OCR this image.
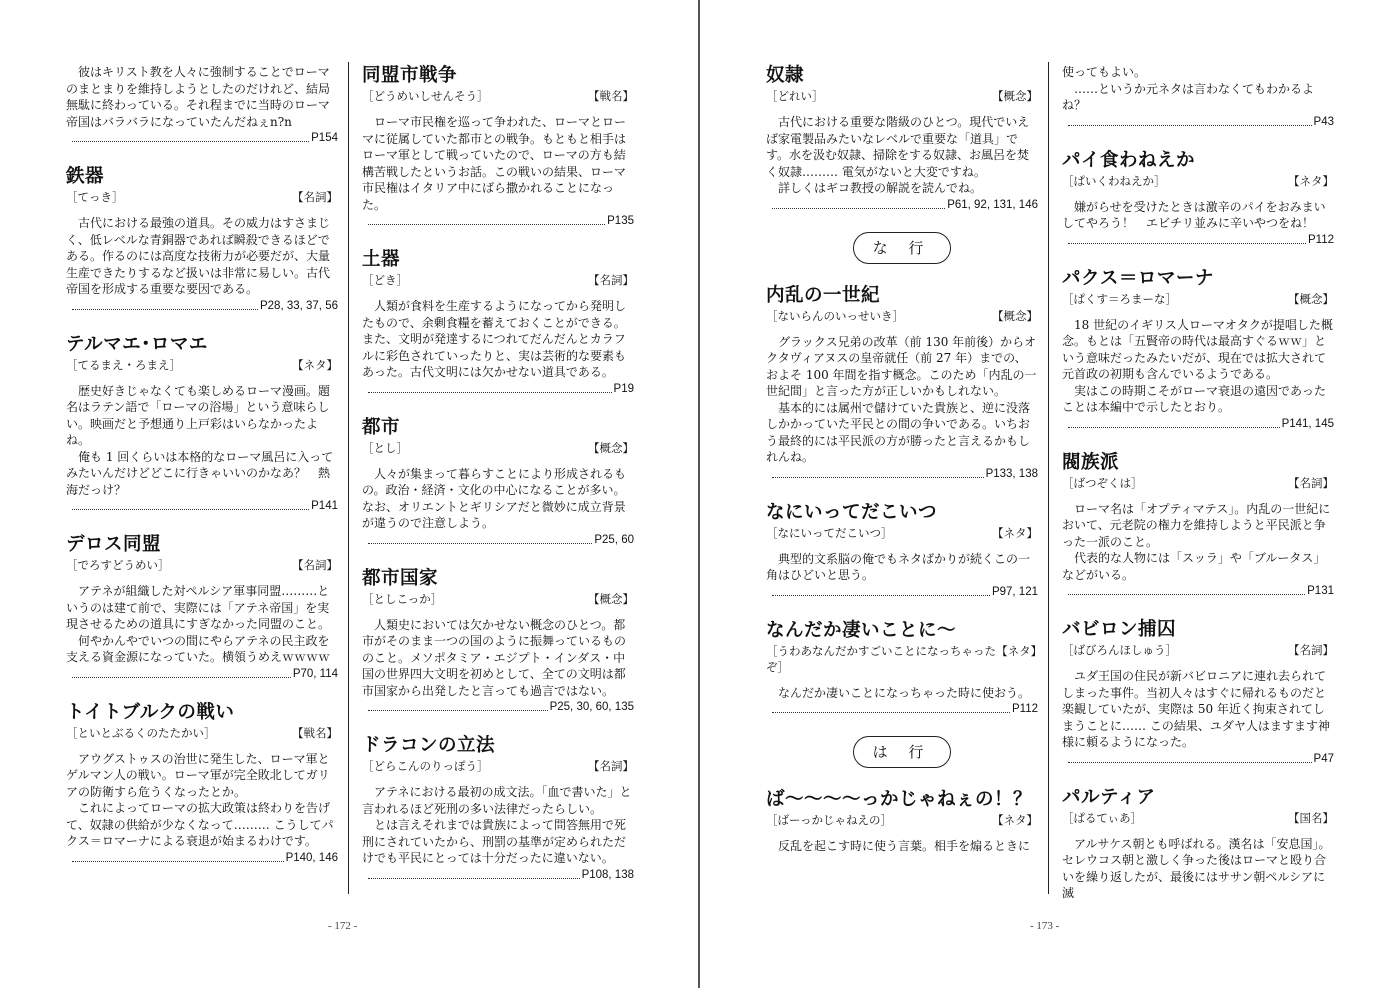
　彼はキリスト教を人々に強制することでローマのまとまりを維持しようとしたのだけれど、結局無駄に終わっている。それ程までに当時のローマ帝国はバラバラになっていたんだねぇn?n
P154
鉄器
［てっき］	【名詞】
　古代における最強の道具。その威力はすさまじく、低レベルな青銅器であれば瞬殺できるほどである。作るのには高度な技術力が必要だが、大量生産できたりするなど扱いは非常に易しい。古代帝国を形成する重要な要因である。
P28, 33, 37, 56
テルマエ･ロマエ
［てるまえ・ろまえ］	【ネタ】
　歴史好きじゃなくても楽しめるローマ漫画。題名はラテン語で「ローマの浴場」という意味らしい。映画だと予想通り上戸彩はいらなかったよね。
　俺も 1 回くらいは本格的なローマ風呂に入ってみたいんだけどどこに行きゃいいのかなあ？　熱海だっけ？
P141
デロス同盟
［でろすどうめい］	【名詞】
　アテネが組織した対ペルシア軍事同盟………というのは建て前で、実際には「アテネ帝国」を実現させるための道具にすぎなかった同盟のこと。
　何やかんやでいつの間にやらアテネの民主政を支える資金源になっていた。横領うめえｗｗｗｗ
P70, 114
トイトブルクの戦い
［といとぶるくのたたかい］	【戦名】
　アウグストゥスの治世に発生した、ローマ軍とゲルマン人の戦い。ローマ軍が完全敗北してガリアの防衛すら危うくなったとか。
　これによってローマの拡大政策は終わりを告げて、奴隷の供給が少なくなって……… こうしてパクス＝ロマーナによる衰退が始まるわけです。
P140, 146
同盟市戦争
［どうめいしせんそう］	【戦名】
　ローマ市民権を巡って争われた、ローマとローマに従属していた都市との戦争。もともと相手はローマ軍として戦っていたので、ローマの方も結構苦戦したというお話。この戦いの結果、ローマ市民権はイタリア中にばら撒かれることになった。
P135
土器
［どき］	【名詞】
　人類が食料を生産するようになってから発明したもので、余剰食糧を蓄えておくことができる。また、文明が発達するにつれてだんだんとカラフルに彩色されていったりと、実は芸術的な要素もあった。古代文明には欠かせない道具である。
P19
都市
［とし］	【概念】
　人々が集まって暮らすことにより形成されるもの。政治・経済・文化の中心になることが多い。なお、オリエントとギリシアだと微妙に成立背景が違うので注意しよう。
P25, 60
都市国家
［としこっか］	【概念】
　人類史においては欠かせない概念のひとつ。都市がそのまま一つの国のように振舞っているもののこと。メソポタミア・エジプト・インダス・中国の世界四大文明を初めとして、全ての文明は都市国家から出発したと言っても過言ではない。
P25, 30, 60, 135
ドラコンの立法
［どらこんのりっぽう］	【名詞】
　アテネにおける最初の成文法。「血で書いた」と言われるほど死刑の多い法律だったらしい。
　とは言えそれまでは貴族によって問答無用で死刑にされていたから、刑罰の基準が定められただけでも平民にとっては十分だったに違いない。
P108, 138
奴隷
［どれい］	【概念】
　古代における重要な階級のひとつ。現代でいえば家電製品みたいなレベルで重要な「道具」です。水を汲む奴隷、掃除をする奴隷、お風呂を焚く奴隷……… 電気がないと大変ですね。
　詳しくはギコ教授の解説を読んでね。
P61, 92, 131, 146
な 行
内乱の一世紀
［ないらんのいっせいき］	【概念】
　グラックス兄弟の改革（前 130 年前後）からオクタヴィアヌスの皇帝就任（前 27 年）までの、およそ 100 年間を指す概念。このため「内乱の一世紀間」と言った方が正しいかもしれない。
　基本的には属州で儲けていた貴族と、逆に没落しかかっていた平民との間の争いである。いちおう最終的には平民派の方が勝ったと言えるかもしれんね。
P133, 138
なにいってだこいつ
［なにいってだこいつ］	【ネタ】
　典型的文系脳の俺でもネタばかりが続くこの一角はひどいと思う。
P97, 121
なんだか凄いことに～
［うわあなんだかすごいことになっちゃったぞ］
【ネタ】
　なんだか凄いことになっちゃった時に使おう。
P112
は 行
ば～～～～っかじゃねぇの！？
［ばーっかじゃねえの］	【ネタ】
　反乱を起こす時に使う言葉。相手を煽るときに
使ってもよい。
　……というか元ネタは言わなくてもわかるよね？
P43
パイ食わねえか
［ぱいくわねえか］	【ネタ】
　嫌がらせを受けたときは激辛のパイをおみまいしてやろう！　エビチリ並みに辛いやつをね！
P112
パクス＝ロマーナ
［ぱくす＝ろまーな］	【概念】
　18 世紀のイギリス人ローマオタクが提唱した概念。もとは「五賢帝の時代は最高すぐるｗｗ」という意味だったみたいだが、現在では拡大されて元首政の初期も含んでいるようである。
　実はこの時期こそがローマ衰退の遠因であったことは本編中で示したとおり。
P141, 145
閥族派
［ばつぞくは］	【名詞】
　ローマ名は「オプティマテス」。内乱の一世紀において、元老院の権力を維持しようと平民派と争った一派のこと。
　代表的な人物には「スッラ」や「ブルータス」などがいる。
P131
バビロン捕囚
［ばびろんほしゅう］	【名詞】
　ユダ王国の住民が新バビロニアに連れ去られてしまった事件。当初人々はすぐに帰れるものだと楽観していたが、実際は 50 年近く拘束されてしまうことに…… この結果、ユダヤ人はますます神様に頼るようになった。
P47
パルティア
［ぱるてぃあ］	【国名】
　アルサケス朝とも呼ばれる。漢名は「安息国」。セレウコス朝と激しく争った後はローマと殴り合いを繰り返したが、最後にはササン朝ペルシアに滅
- 172 -	- 173 -
